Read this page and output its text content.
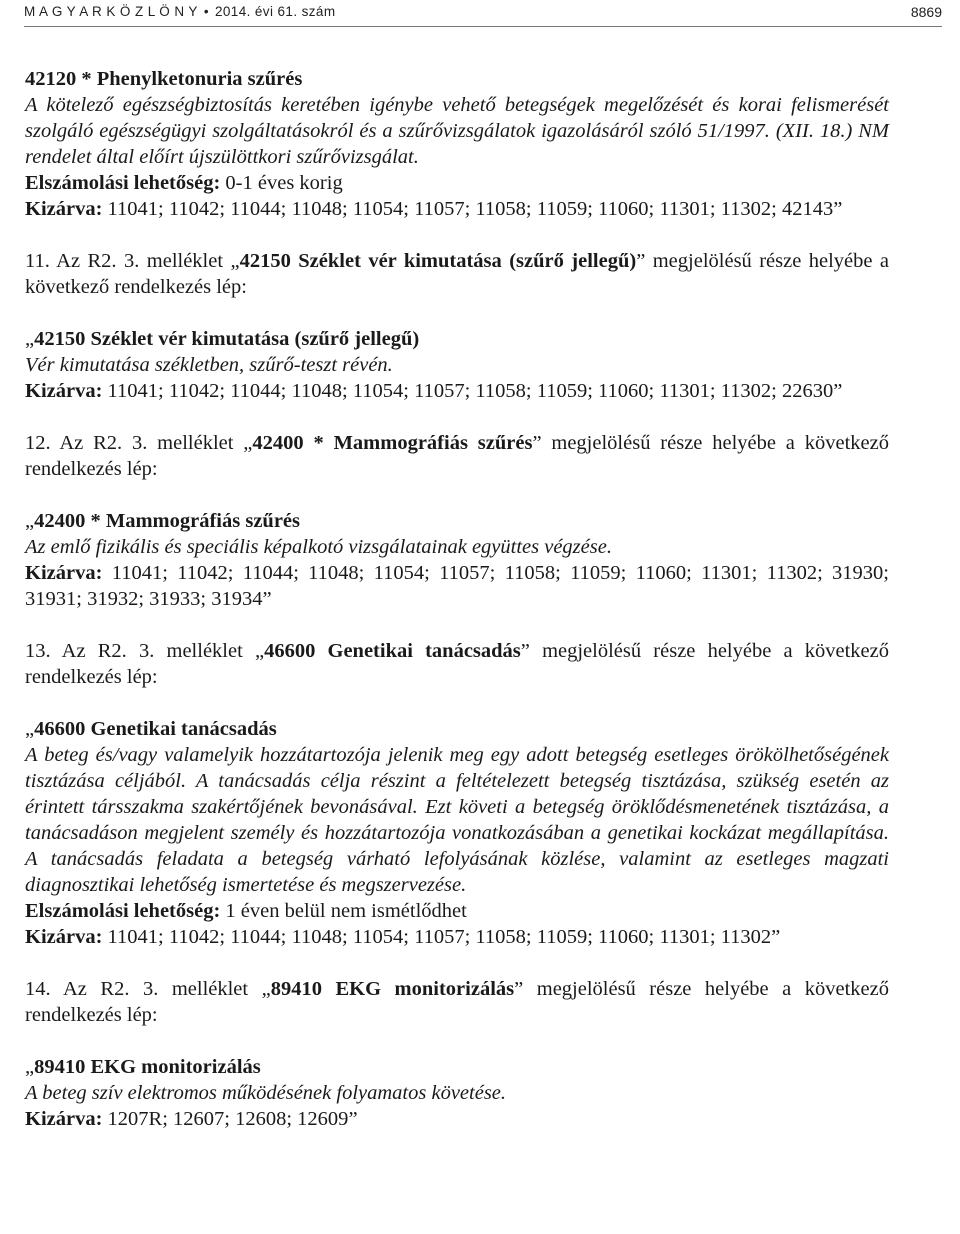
M A G Y A R K Ö Z L Ö N Y • 2014. évi 61. szám	8869

42120 * Phenylketonuria szűrés

A kötelező egészségbiztosítás keretében igénybe vehető betegségek megelőzését és korai felismerését szolgáló egészségügyi szolgáltatásokról és a szűrővizsgálatok igazolásáról szóló 51/1997. (XII. 18.) NM rendelet által előírt újszülöttkori szűrővizsgálat.

Elszámolási lehetőség: 0-1 éves korig

Kizárva: 11041; 11042; 11044; 11048; 11054; 11057; 11058; 11059; 11060; 11301; 11302; 42143”

11. Az R2. 3. melléklet „42150 Széklet vér kimutatása (szűrő jellegű)” megjelölésű része helyébe a következő rendelkezés lép:

„42150 Széklet vér kimutatása (szűrő jellegű)

Vér kimutatása székletben, szűrő-teszt révén.

Kizárva: 11041; 11042; 11044; 11048; 11054; 11057; 11058; 11059; 11060; 11301; 11302; 22630”

12. Az R2. 3. melléklet „42400 * Mammográfiás szűrés” megjelölésű része helyébe a következő rendelkezés lép:

„42400 * Mammográfiás szűrés

Az emlő fizikális és speciális képalkotó vizsgálatainak együttes végzése.

Kizárva: 11041; 11042; 11044; 11048; 11054; 11057; 11058; 11059; 11060; 11301; 11302; 31930; 31931; 31932; 31933; 31934”

13. Az R2. 3. melléklet „46600 Genetikai tanácsadás” megjelölésű része helyébe a következő rendelkezés lép:

„46600 Genetikai tanácsadás

A beteg és/vagy valamelyik hozzátartozója jelenik meg egy adott betegség esetleges örökölhetőségének tisztázása céljából. A tanácsadás célja részint a feltételezett betegség tisztázása, szükség esetén az érintett társszakma szakértőjének bevonásával. Ezt követi a betegség öröklődésmenetének tisztázása, a tanácsadáson megjelent személy és hozzátartozója vonatkozásában a genetikai kockázat megállapítása. A tanácsadás feladata a betegség várható lefolyásának közlése, valamint az esetleges magzati diagnosztikai lehetőség ismertetése és megszervezése.

Elszámolási lehetőség: 1 éven belül nem ismétlődhet

Kizárva: 11041; 11042; 11044; 11048; 11054; 11057; 11058; 11059; 11060; 11301; 11302”

14. Az R2. 3. melléklet „89410 EKG monitorizálás” megjelölésű része helyébe a következő rendelkezés lép:

„89410 EKG monitorizálás

A beteg szív elektromos működésének folyamatos követése.

Kizárva: 1207R; 12607; 12608; 12609”
